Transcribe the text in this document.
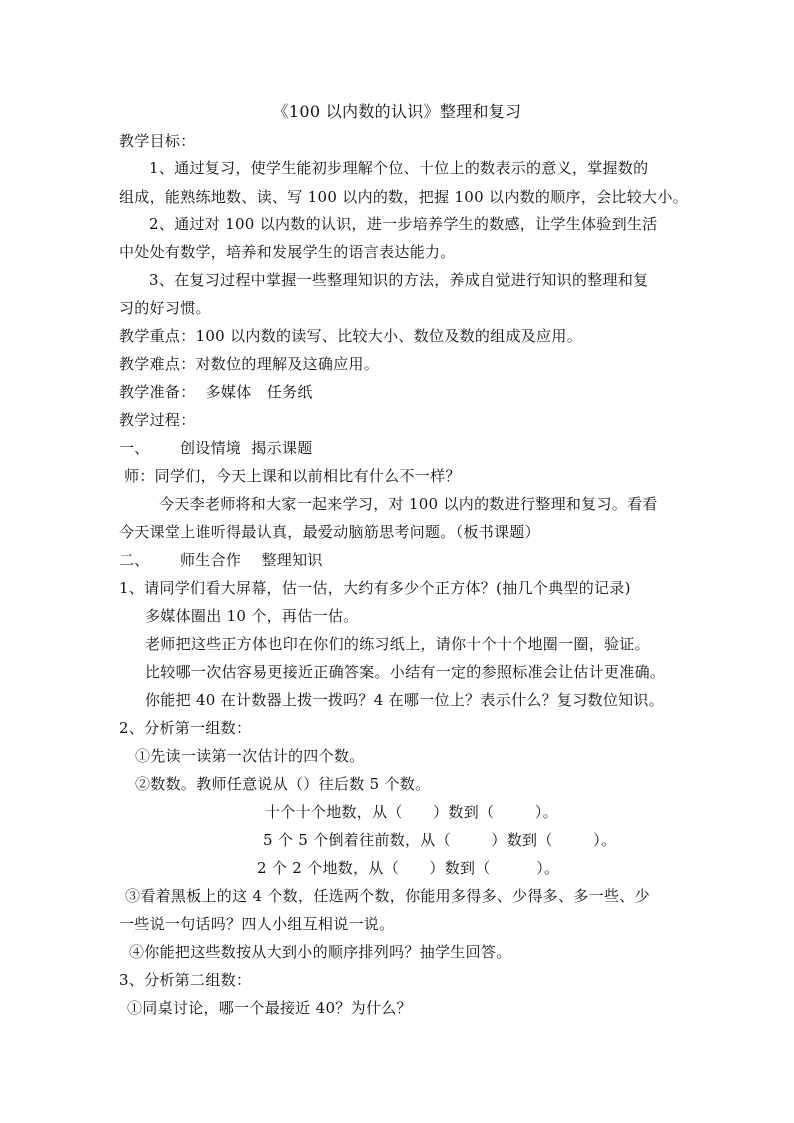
《100 以内数的认识》整理和复习
教学目标：
1、通过复习，使学生能初步理解个位、十位上的数表示的意义，掌握数的
组成，能熟练地数、读、写 100 以内的数，把握 100 以内数的顺序，会比较大小。
2、通过对 100 以内数的认识，进一步培养学生的数感，让学生体验到生活
中处处有数学，培养和发展学生的语言表达能力。
3、在复习过程中掌握一些整理知识的方法，养成自觉进行知识的整理和复
习的好习惯。
教学重点：100 以内数的读写、比较大小、数位及数的组成及应用。
教学难点：对数位的理解及这确应用。
教学准备：  多媒体   任务纸
教学过程：
一、      创设情境  揭示课题
师：同学们，今天上课和以前相比有什么不一样？
今天李老师将和大家一起来学习，对 100 以内的数进行整理和复习。看看
今天课堂上谁听得最认真，最爱动脑筋思考问题。（板书课题）
二、      师生合作    整理知识
1、请同学们看大屏幕，估一估，大约有多少个正方体？(抽几个典型的记录)
多媒体圈出 10 个，再估一估。
老师把这些正方体也印在你们的练习纸上，请你十个十个地圈一圈，验证。
比较哪一次估容易更接近正确答案。小结有一定的参照标准会让估计更准确。
你能把 40 在计数器上拨一拨吗？4 在哪一位上？表示什么？复习数位知识。
2、分析第一组数：
①先读一读第一次估计的四个数。
②数数。教师任意说从（）往后数 5 个数。
十个十个地数，从（      ）数到（        ）。
5 个 5 个倒着往前数，从（        ）数到（        ）。
2 个 2 个地数，从（      ）数到（         ）。
③看着黑板上的这 4 个数，任选两个数，你能用多得多、少得多、多一些、少
一些说一句话吗？四人小组互相说一说。
④你能把这些数按从大到小的顺序排列吗？抽学生回答。
3、分析第二组数：
①同桌讨论，哪一个最接近 40？为什么？
